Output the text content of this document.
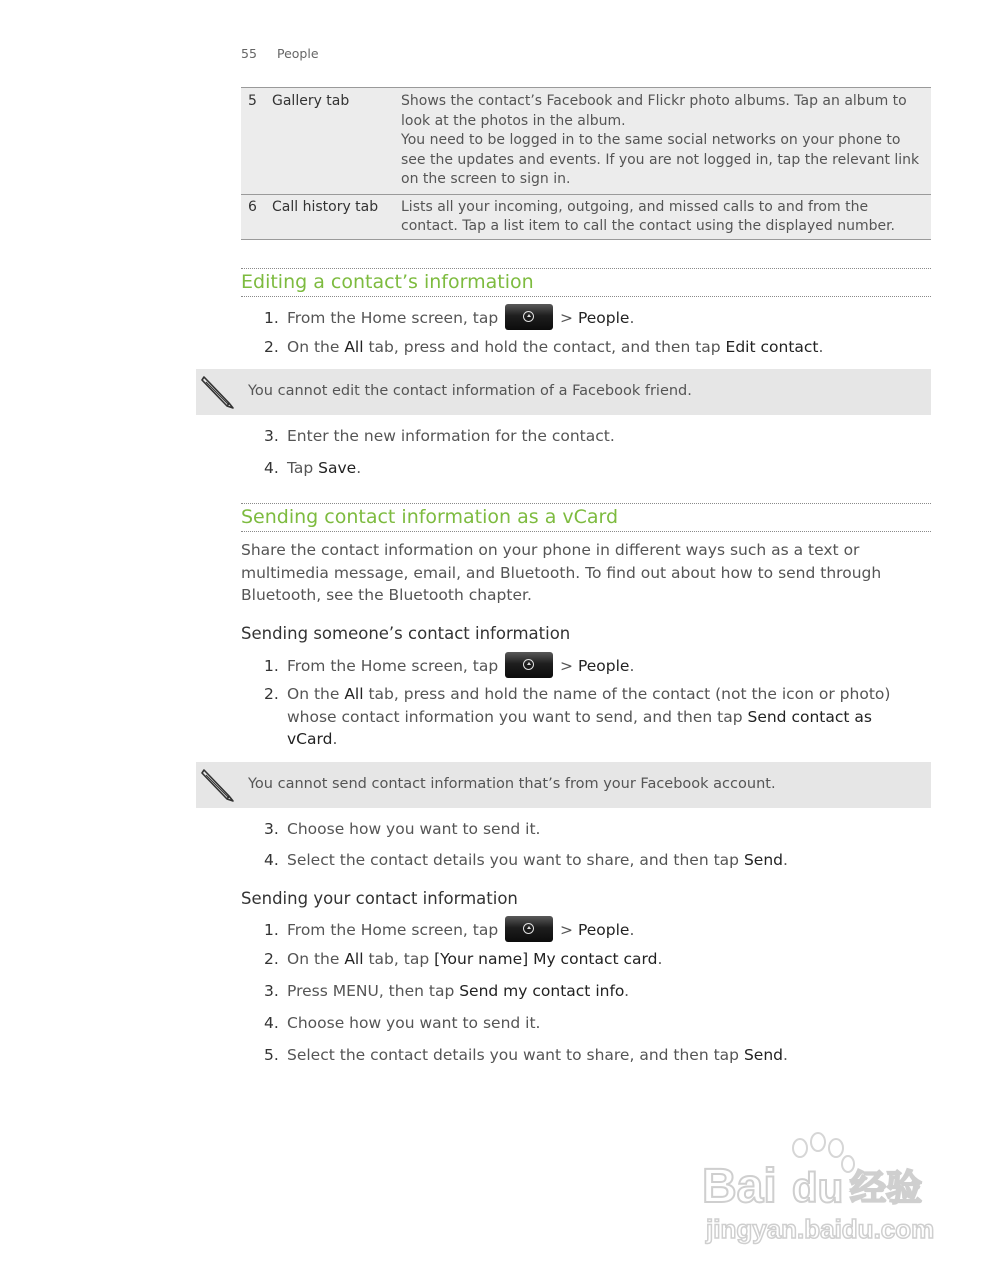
55 People
5	Gallery tab	Shows the contact’s Facebook and Flickr photo albums. Tap an album to

look at the photos in the album.

You need to be logged in to the same social networks on your phone to

see the updates and events. If you are not logged in, tap the relevant link

on the screen to sign in.

6	Call history tab	Lists all your incoming, outgoing, and missed calls to and from the

contact. Tap a list item to call the contact using the displayed number.

Editing a contact’s information
1. From the Home screen, tap	> People.
2. On the All tab, press and hold the contact, and then tap Edit contact.
You cannot edit the contact information of a Facebook friend.
3. Enter the new information for the contact.
4. Tap Save.
Sending contact information as a vCard
Share the contact information on your phone in different ways such as a text or
multimedia message, email, and Bluetooth. To find out about how to send through
Bluetooth, see the Bluetooth chapter.
Sending someone’s contact information
1. From the Home screen, tap	> People.
2. On the All tab, press and hold the name of the contact (not the icon or photo)
whose contact information you want to send, and then tap Send contact as
vCard.
You cannot send contact information that’s from your Facebook account.
3. Choose how you want to send it.
4. Select the contact details you want to share, and then tap Send.
Sending your contact information
1. From the Home screen, tap	> People.
2. On the All tab, tap [Your name] My contact card.
3. Press MENU, then tap Send my contact info.
4. Choose how you want to send it.
5. Select the contact details you want to share, and then tap Send.
Bai du 经验
jingyan.baidu.com
